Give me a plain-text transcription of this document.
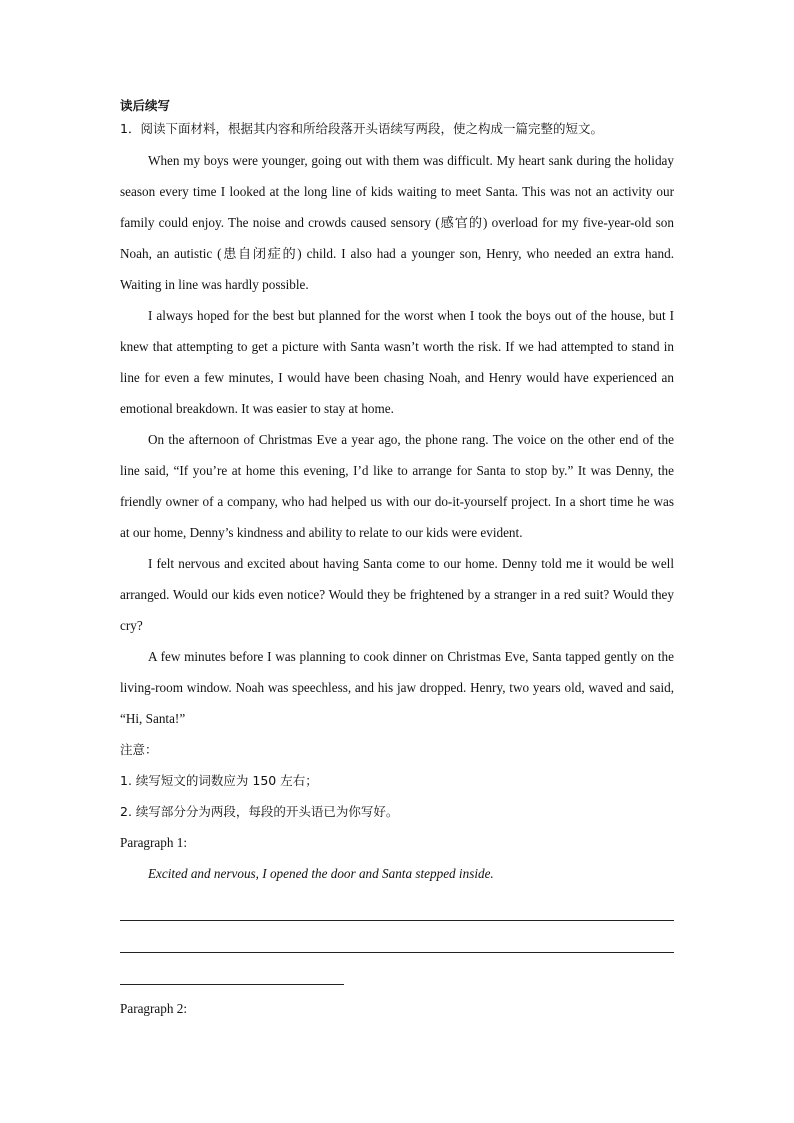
读后续写

1．阅读下面材料，根据其内容和所给段落开头语续写两段，使之构成一篇完整的短文。

When my boys were younger, going out with them was difficult. My heart sank during the holiday season every time I looked at the long line of kids waiting to meet Santa. This was not an activity our family could enjoy. The noise and crowds caused sensory (感官的) overload for my five-year-old son Noah, an autistic (患自闭症的) child. I also had a younger son, Henry, who needed an extra hand. Waiting in line was hardly possible.

I always hoped for the best but planned for the worst when I took the boys out of the house, but I knew that attempting to get a picture with Santa wasn’t worth the risk. If we had attempted to stand in line for even a few minutes, I would have been chasing Noah, and Henry would have experienced an emotional breakdown. It was easier to stay at home.

On the afternoon of Christmas Eve a year ago, the phone rang. The voice on the other end of the line said, “If you’re at home this evening, I’d like to arrange for Santa to stop by.” It was Denny, the friendly owner of a company, who had helped us with our do-it-yourself project. In a short time he was at our home, Denny’s kindness and ability to relate to our kids were evident.

I felt nervous and excited about having Santa come to our home. Denny told me it would be well arranged. Would our kids even notice? Would they be frightened by a stranger in a red suit? Would they cry?

A few minutes before I was planning to cook dinner on Christmas Eve, Santa tapped gently on the living-room window. Noah was speechless, and his jaw dropped. Henry, two years old, waved and said, “Hi, Santa!”

注意：

1. 续写短文的词数应为 150 左右；

2. 续写部分分为两段，每段的开头语已为你写好。

Paragraph 1:

Excited and nervous, I opened the door and Santa stepped inside.

Paragraph 2:
